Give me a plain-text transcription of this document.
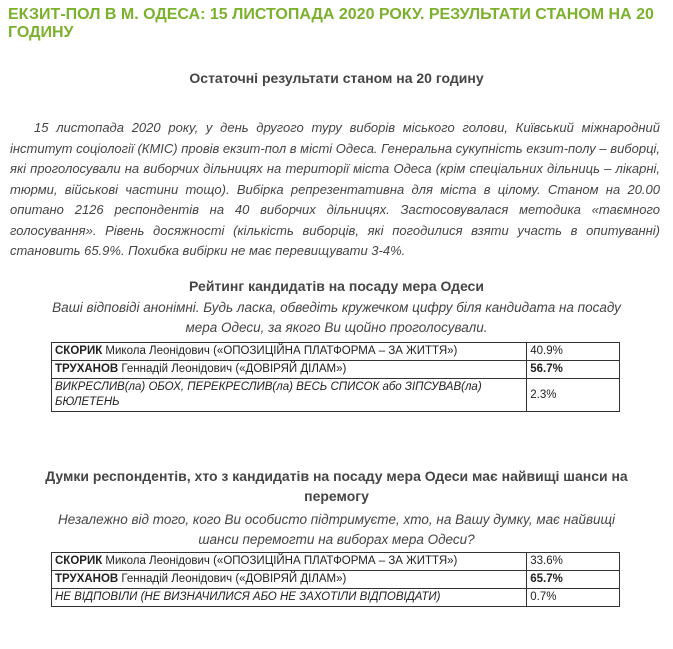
ЕКЗИТ-ПОЛ В М. ОДЕСА: 15 ЛИСТОПАДА 2020 РОКУ. РЕЗУЛЬТАТИ СТАНОМ НА 20 ГОДИНУ

Остаточні результати станом на 20 годину

15 листопада 2020 року, у день другого туру виборів міського голови, Київський міжнародний інститут соціології (КМІС) провів екзит-пол в місті Одеса. Генеральна сукупність екзит-полу – виборці, які проголосували на виборчих дільницях на території міста Одеса (крім спеціальних дільниць – лікарні, тюрми, військові частини тощо). Вибірка репрезентативна для міста в цілому. Станом на 20.00 опитано 2126 респондентів на 40 виборчих дільницях. Застосовувалася методика «таємного голосування». Рівень досяжності (кількість виборців, які погодилися взяти участь в опитуванні) становить 65.9%. Похибка вибірки не має перевищувати 3-4%.

Рейтинг кандидатів на посаду мера Одеси

Ваші відповіді анонімні. Будь ласка, обведіть кружечком цифру біля кандидата на посаду мера Одеси, за якого Ви щойно проголосували.

СКОРИК Микола Леонідович («ОПОЗИЦІЙНА ПЛАТФОРМА – ЗА ЖИТТЯ»)	40.9%
ТРУХАНОВ Геннадій Леонідович («ДОВІРЯЙ ДІЛАМ»)	56.7%
ВИКРЕСЛИВ(ла) ОБОХ, ПЕРЕКРЕСЛИВ(ла) ВЕСЬ СПИСОК або ЗІПСУВАВ(ла) БЮЛЕТЕНЬ	2.3%

Думки респондентів, хто з кандидатів на посаду мера Одеси має найвищі шанси на перемогу

Незалежно від того, кого Ви особисто підтримуєте, хто, на Вашу думку, має найвищі шанси перемогти на виборах мера Одеси?

СКОРИК Микола Леонідович («ОПОЗИЦІЙНА ПЛАТФОРМА – ЗА ЖИТТЯ»)	33.6%
ТРУХАНОВ Геннадій Леонідович («ДОВІРЯЙ ДІЛАМ»)	65.7%
НЕ ВІДПОВІЛИ (НЕ ВИЗНАЧИЛИСЯ АБО НЕ ЗАХОТІЛИ ВІДПОВІДАТИ)	0.7%
